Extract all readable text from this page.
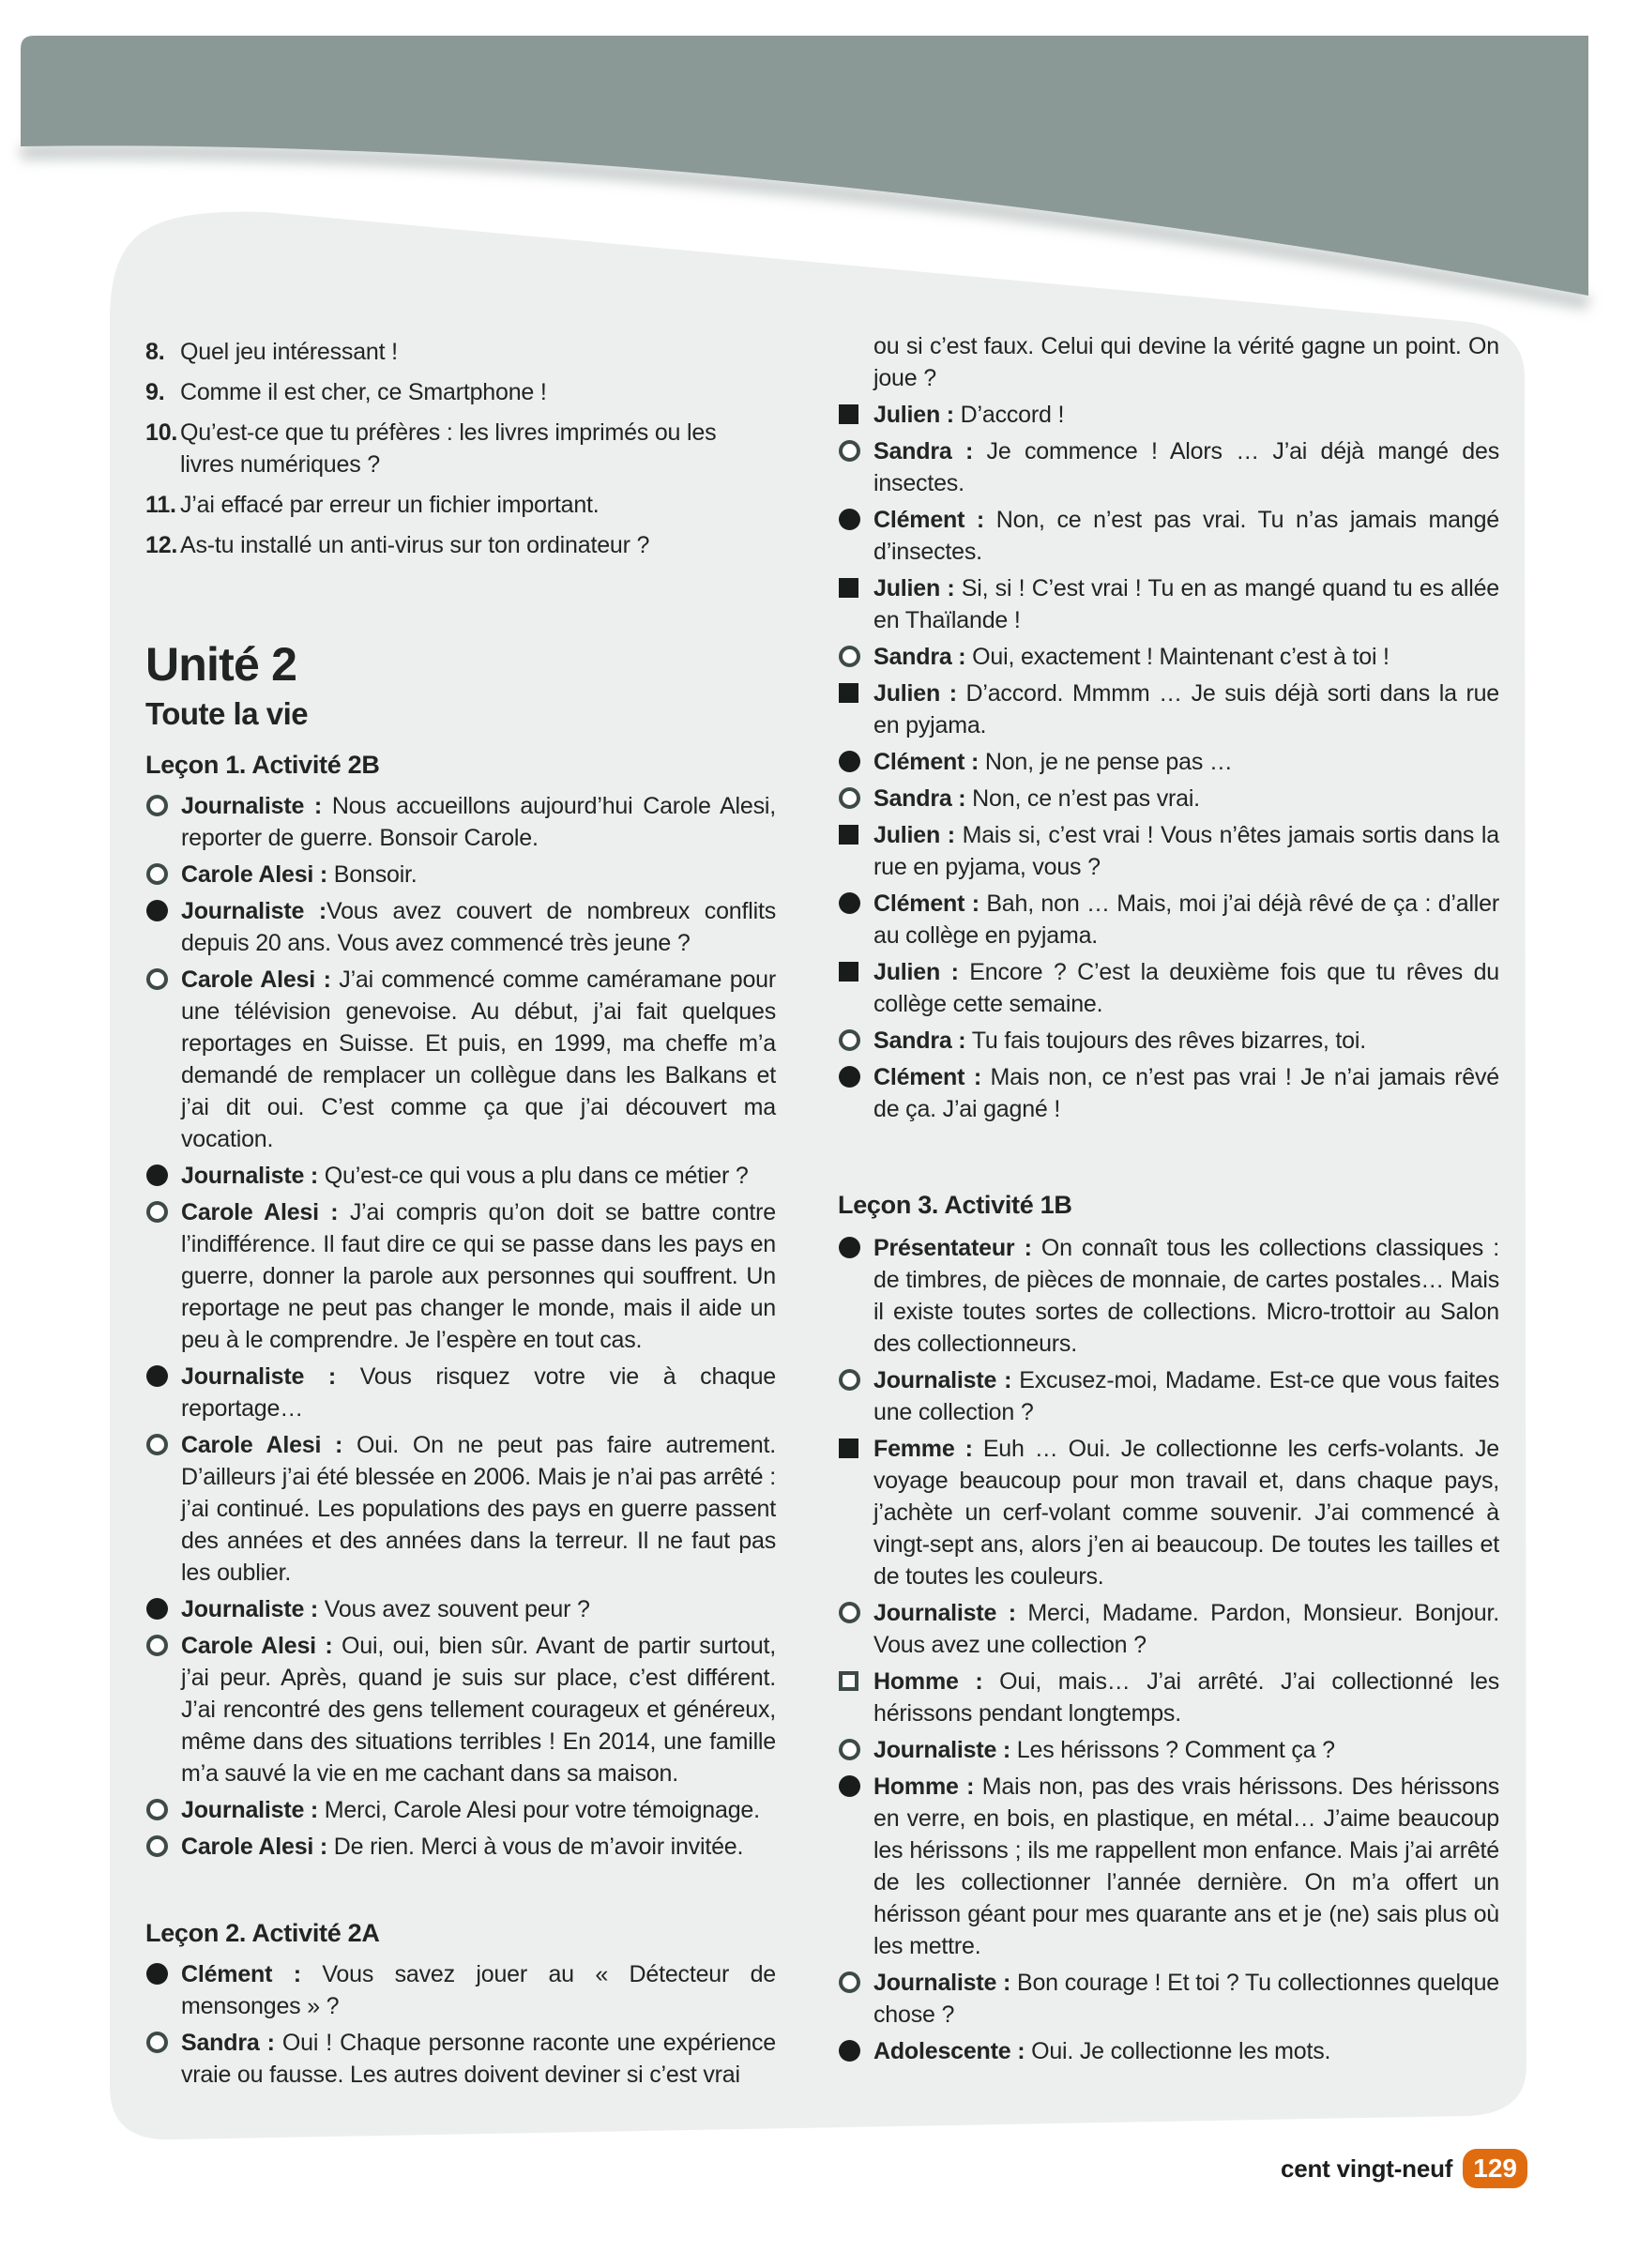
8. Quel jeu intéressant !
9. Comme il est cher, ce Smartphone !
10. Qu’est-ce que tu préfères : les livres imprimés ou les livres numériques ?
11. J’ai effacé par erreur un fichier important.
12. As-tu installé un anti-virus sur ton ordinateur ?
Unité 2
Toute la vie
Leçon 1. Activité 2B

Journaliste : Nous accueillons aujourd’hui Carole Alesi, reporter de guerre. Bonsoir Carole.

Carole Alesi : Bonsoir.

Journaliste :Vous avez couvert de nombreux conflits depuis 20 ans. Vous avez commencé très jeune ?

Carole Alesi : J’ai commencé comme caméramane pour une télévision genevoise. Au début, j’ai fait quelques reportages en Suisse. Et puis, en 1999, ma cheffe m’a demandé de remplacer un collègue dans les Balkans et j’ai dit oui. C’est comme ça que j’ai découvert ma vocation.

Journaliste : Qu’est-ce qui vous a plu dans ce métier ?

Carole Alesi : J’ai compris qu’on doit se battre contre l’indifférence. Il faut dire ce qui se passe dans les pays en guerre, donner la parole aux personnes qui souffrent. Un reportage ne peut pas changer le monde, mais il aide un peu à le comprendre. Je l’espère en tout cas.

Journaliste : Vous risquez votre vie à chaque reportage…

Carole Alesi : Oui. On ne peut pas faire autrement. D’ailleurs j’ai été blessée en 2006. Mais je n’ai pas arrêté : j’ai continué. Les populations des pays en guerre passent des années et des années dans la terreur. Il ne faut pas les oublier.

Journaliste : Vous avez souvent peur ?

Carole Alesi : Oui, oui, bien sûr. Avant de partir surtout, j’ai peur. Après, quand je suis sur place, c’est différent. J’ai rencontré des gens tellement courageux et généreux, même dans des situations terribles ! En 2014, une famille m’a sauvé la vie en me cachant dans sa maison.

Journaliste : Merci, Carole Alesi pour votre témoignage.

Carole Alesi : De rien. Merci à vous de m’avoir invitée.

Leçon 2. Activité 2A

Clément : Vous savez jouer au « Détecteur de mensonges » ?

Sandra : Oui ! Chaque personne raconte une expérience vraie ou fausse. Les autres doivent deviner si c’est vrai

ou si c’est faux. Celui qui devine la vérité gagne un point. On joue ?

Julien : D’accord !

Sandra : Je commence ! Alors … J’ai déjà mangé des insectes.

Clément : Non, ce n’est pas vrai. Tu n’as jamais mangé d’insectes.

Julien : Si, si ! C’est vrai ! Tu en as mangé quand tu es allée en Thaïlande !

Sandra : Oui, exactement ! Maintenant c’est à toi !

Julien : D’accord. Mmmm … Je suis déjà sorti dans la rue en pyjama.

Clément : Non, je ne pense pas …

Sandra : Non, ce n’est pas vrai.

Julien : Mais si, c’est vrai ! Vous n’êtes jamais sortis dans la rue en pyjama, vous ?

Clément : Bah, non … Mais, moi j’ai déjà rêvé de ça : d’aller au collège en pyjama.

Julien : Encore ? C’est la deuxième fois que tu rêves du collège cette semaine.

Sandra : Tu fais toujours des rêves bizarres, toi.

Clément : Mais non, ce n’est pas vrai ! Je n’ai jamais rêvé de ça. J’ai gagné !

Leçon 3. Activité 1B

Présentateur : On connaît tous les collections classiques : de timbres, de pièces de monnaie, de cartes postales… Mais il existe toutes sortes de collections. Micro-trottoir au Salon des collectionneurs.

Journaliste : Excusez-moi, Madame. Est-ce que vous faites une collection ?

Femme : Euh … Oui. Je collectionne les cerfs-volants. Je voyage beaucoup pour mon travail et, dans chaque pays, j’achète un cerf-volant comme souvenir. J’ai commencé à vingt-sept ans, alors j’en ai beaucoup. De toutes les tailles et de toutes les couleurs.

Journaliste : Merci, Madame. Pardon, Monsieur. Bonjour. Vous avez une collection ?

Homme : Oui, mais… J’ai arrêté. J’ai collectionné les hérissons pendant longtemps.

Journaliste : Les hérissons ? Comment ça ?

Homme : Mais non, pas des vrais hérissons. Des hérissons en verre, en bois, en plastique, en métal… J’aime beaucoup les hérissons ; ils me rappellent mon enfance. Mais j’ai arrêté de les collectionner l’année dernière. On m’a offert un hérisson géant pour mes quarante ans et je (ne) sais plus où les mettre.

Journaliste : Bon courage ! Et toi ? Tu collectionnes quelque chose ?

Adolescente : Oui. Je collectionne les mots.

cent vingt-neuf 129
